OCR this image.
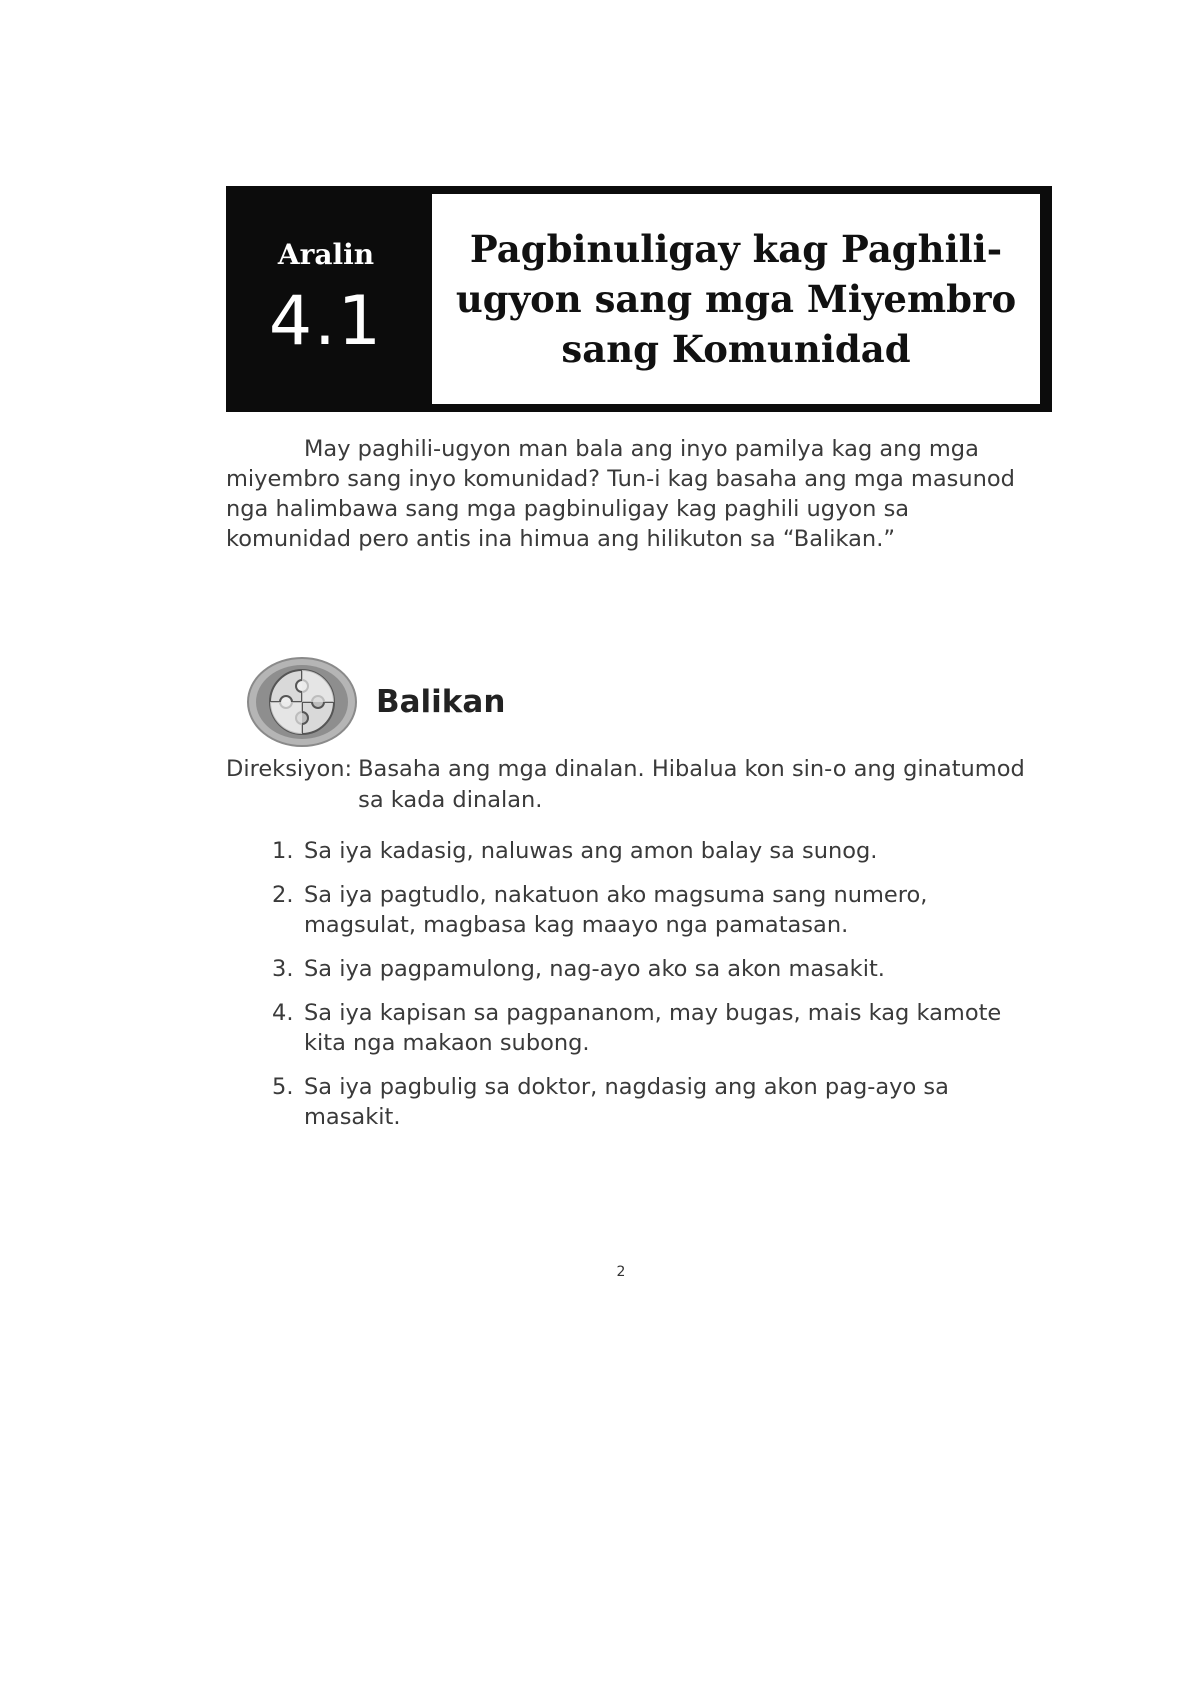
Aralin
4.1
Pagbinuligay kag Paghili-ugyon sang mga Miyembro sang Komunidad

May paghili-ugyon man bala ang inyo pamilya kag ang mga miyembro sang inyo komunidad? Tun-i kag basaha ang mga masunod nga halimbawa sang mga pagbinuligay kag paghili ugyon sa komunidad pero antis ina himua ang hilikuton sa “Balikan.”

Balikan
Direksiyon: Basaha ang mga dinalan. Hibalua kon sin-o ang ginatumod sa kada dinalan.
1. Sa iya kadasig, naluwas ang amon balay sa sunog.
2. Sa iya pagtudlo, nakatuon ako magsuma sang numero, magsulat, magbasa kag maayo nga pamatasan.
3. Sa iya pagpamulong, nag-ayo ako sa akon masakit.
4. Sa iya kapisan sa pagpananom, may bugas, mais kag kamote kita nga makaon subong.
5. Sa iya pagbulig sa doktor, nagdasig ang akon pag-ayo sa masakit.
2
